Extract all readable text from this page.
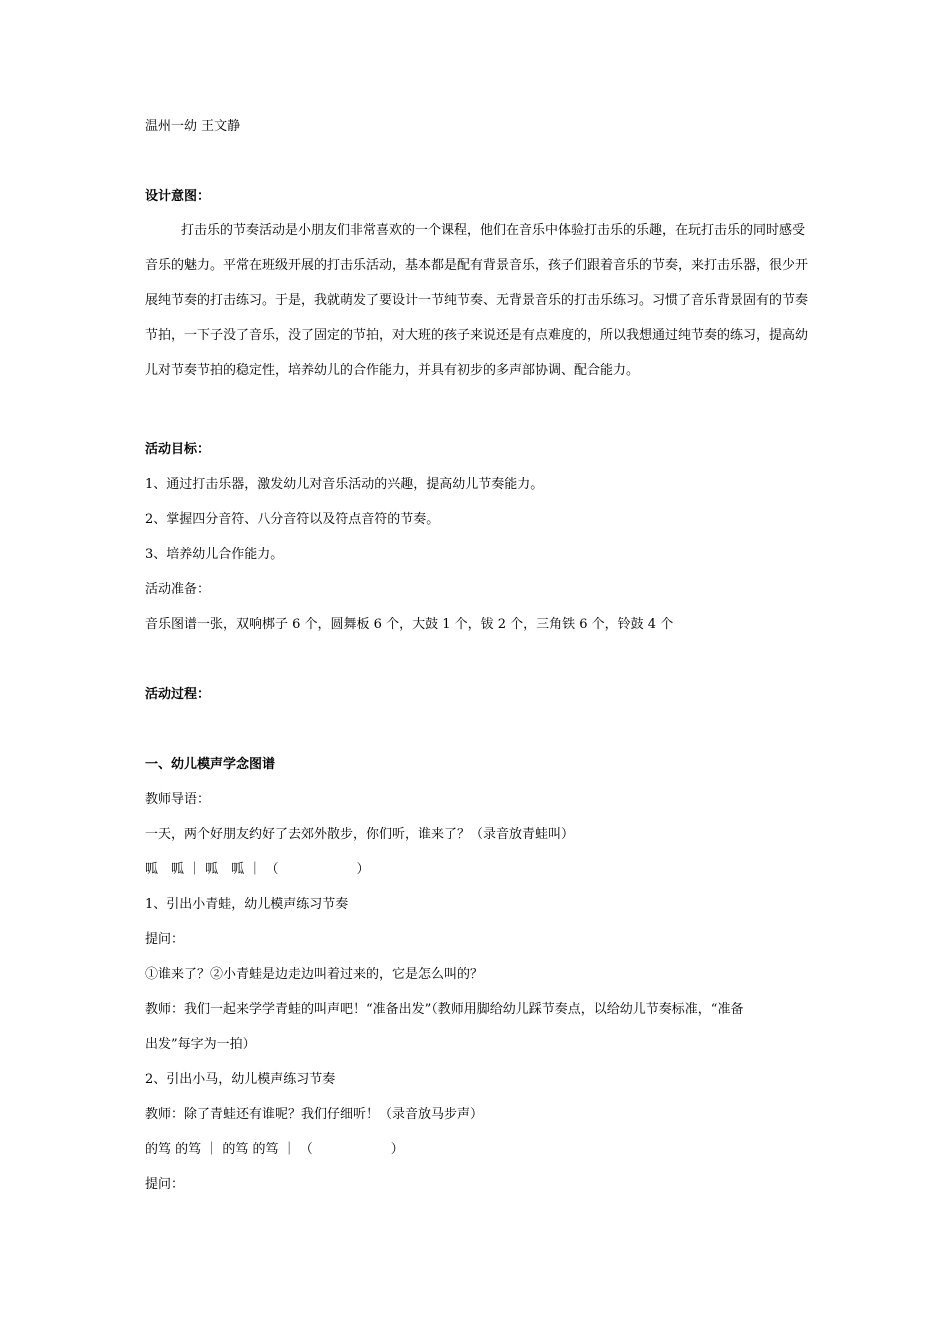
温州一幼 王文静
设计意图：

打击乐的节奏活动是小朋友们非常喜欢的一个课程，他们在音乐中体验打击乐的乐趣，在玩打击乐的同时感受音乐的魅力。平常在班级开展的打击乐活动，基本都是配有背景音乐，孩子们跟着音乐的节奏，来打击乐器，很少开展纯节奏的打击练习。于是，我就萌发了要设计一节纯节奏、无背景音乐的打击乐练习。习惯了音乐背景固有的节奏节拍，一下子没了音乐，没了固定的节拍，对大班的孩子来说还是有点难度的，所以我想通过纯节奏的练习，提高幼儿对节奏节拍的稳定性，培养幼儿的合作能力，并具有初步的多声部协调、配合能力。

活动目标：
1、通过打击乐器，激发幼儿对音乐活动的兴趣，提高幼儿节奏能力。
2、掌握四分音符、八分音符以及符点音符的节奏。
3、培养幼儿合作能力。
活动准备：
音乐图谱一张，双响梆子 6 个，圆舞板 6 个，大鼓 1 个，钹 2 个，三角铁 6 个，铃鼓 4 个
活动过程：
一、幼儿模声学念图谱
教师导语：
一天，两个好朋友约好了去郊外散步，你们听，谁来了？（录音放青蛙叫）
呱　呱 ｜ 呱　呱 ｜ （　　　　　　）
1、引出小青蛙，幼儿模声练习节奏
提问：
①谁来了？②小青蛙是边走边叫着过来的，它是怎么叫的？
教师：我们一起来学学青蛙的叫声吧！“准备出发”（教师用脚给幼儿踩节奏点，以给幼儿节奏标准，“准备
出发”每字为一拍）
2、引出小马，幼儿模声练习节奏
教师：除了青蛙还有谁呢？我们仔细听！（录音放马步声）
的笃 的笃 ｜ 的笃 的笃 ｜ （　　　　　　）
提问：
